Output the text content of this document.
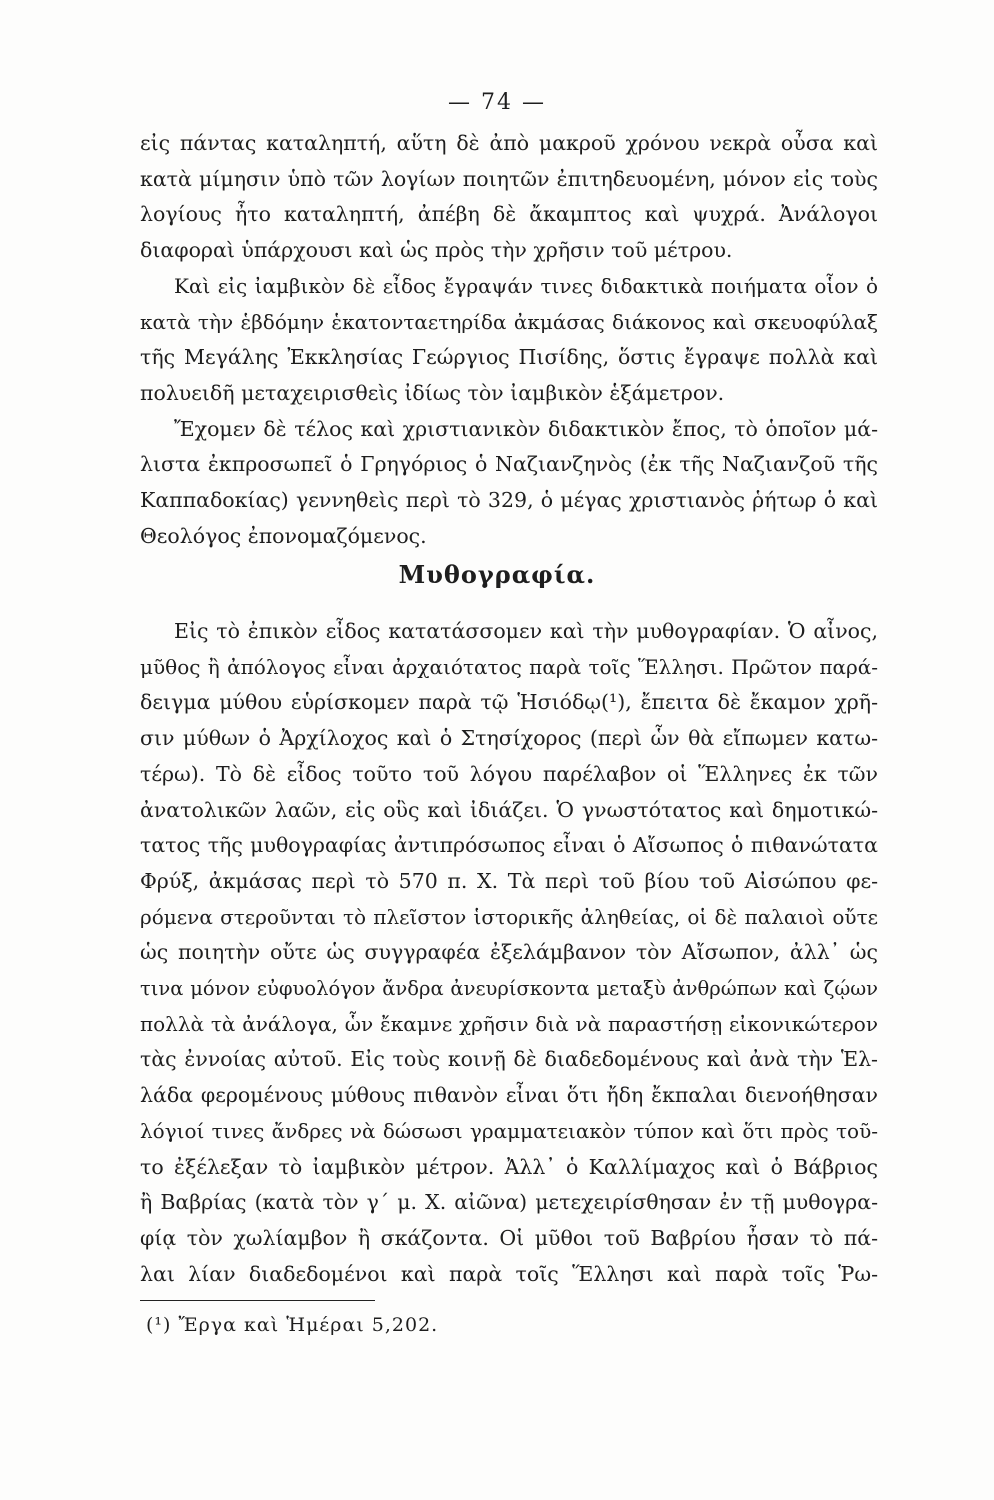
— 74 —
εἰς πάντας καταληπτή, αὕτη δὲ ἀπὸ μακροῦ χρόνου νεκρὰ οὖσα καὶ
κατὰ μίμησιν ὑπὸ τῶν λογίων ποιητῶν ἐπιτηδευομένη, μόνον εἰς τοὺς
λογίους ἦτο καταληπτή, ἀπέβη δὲ ἄκαμπτος καὶ ψυχρά. Ἀνάλογοι
διαφοραὶ ὑπάρχουσι καὶ ὡς πρὸς τὴν χρῆσιν τοῦ μέτρου.
Καὶ εἰς ἰαμβικὸν δὲ εἶδος ἔγραψάν τινες διδακτικὰ ποιήματα οἷον ὁ
κατὰ τὴν ἑβδόμην ἑκατονταετηρίδα ἀκμάσας διάκονος καὶ σκευοφύλαξ
τῆς Μεγάλης Ἐκκλησίας Γεώργιος Πισίδης, ὅστις ἔγραψε πολλὰ καὶ
πολυειδῆ μεταχειρισθεὶς ἰδίως τὸν ἰαμβικὸν ἑξάμετρον.
Ἔχομεν δὲ τέλος καὶ χριστιανικὸν διδακτικὸν ἔπος, τὸ ὁποῖον μά-
λιστα ἐκπροσωπεῖ ὁ Γρηγόριος ὁ Ναζιανζηνὸς (ἐκ τῆς Ναζιανζοῦ τῆς
Καππαδοκίας) γεννηθεὶς περὶ τὸ 329, ὁ μέγας χριστιανὸς ῥήτωρ ὁ καὶ
Θεολόγος ἐπονομαζόμενος.
Μυθογραφία.
Εἰς τὸ ἐπικὸν εἶδος κατατάσσομεν καὶ τὴν μυθογραφίαν. Ὁ αἶνος,
μῦθος ἢ ἀπόλογος εἶναι ἀρχαιότατος παρὰ τοῖς Ἕλλησι. Πρῶτον παρά-
δειγμα μύθου εὑρίσκομεν παρὰ τῷ Ἡσιόδῳ(¹), ἔπειτα δὲ ἔκαμον χρῆ-
σιν μύθων ὁ Ἀρχίλοχος καὶ ὁ Στησίχορος (περὶ ὧν θὰ εἴπωμεν κατω-
τέρω). Τὸ δὲ εἶδος τοῦτο τοῦ λόγου παρέλαβον οἱ Ἕλληνες ἐκ τῶν
ἀνατολικῶν λαῶν, εἰς οὓς καὶ ἰδιάζει. Ὁ γνωστότατος καὶ δημοτικώ-
τατος τῆς μυθογραφίας ἀντιπρόσωπος εἶναι ὁ Αἴσωπος ὁ πιθανώτατα
Φρύξ, ἀκμάσας περὶ τὸ 570 π. Χ. Τὰ περὶ τοῦ βίου τοῦ Αἰσώπου φε-
ρόμενα στεροῦνται τὸ πλεῖστον ἱστορικῆς ἀληθείας, οἱ δὲ παλαιοὶ οὔτε
ὡς ποιητὴν οὔτε ὡς συγγραφέα ἐξελάμβανον τὸν Αἴσωπον, ἀλλ᾽ ὡς
τινα μόνον εὐφυολόγον ἄνδρα ἀνευρίσκοντα μεταξὺ ἀνθρώπων καὶ ζῴων
πολλὰ τὰ ἀνάλογα, ὧν ἔκαμνε χρῆσιν διὰ νὰ παραστήσῃ εἰκονικώτερον
τὰς ἐννοίας αὐτοῦ. Εἰς τοὺς κοινῇ δὲ διαδεδομένους καὶ ἀνὰ τὴν Ἑλ-
λάδα φερομένους μύθους πιθανὸν εἶναι ὅτι ἤδη ἔκπαλαι διενοήθησαν
λόγιοί τινες ἄνδρες νὰ δώσωσι γραμματειακὸν τύπον καὶ ὅτι πρὸς τοῦ-
το ἐξέλεξαν τὸ ἰαμβικὸν μέτρον. Ἀλλ᾽ ὁ Καλλίμαχος καὶ ὁ Βάβριος
ἢ Βαβρίας (κατὰ τὸν γ΄ μ. Χ. αἰῶνα) μετεχειρίσθησαν ἐν τῇ μυθογρα-
φίᾳ τὸν χωλίαμβον ἢ σκάζοντα. Οἱ μῦθοι τοῦ Βαβρίου ἦσαν τὸ πά-
λαι λίαν διαδεδομένοι καὶ παρὰ τοῖς Ἕλλησι καὶ παρὰ τοῖς Ῥω-
(¹) Ἔργα καὶ Ἡμέραι 5,202.
